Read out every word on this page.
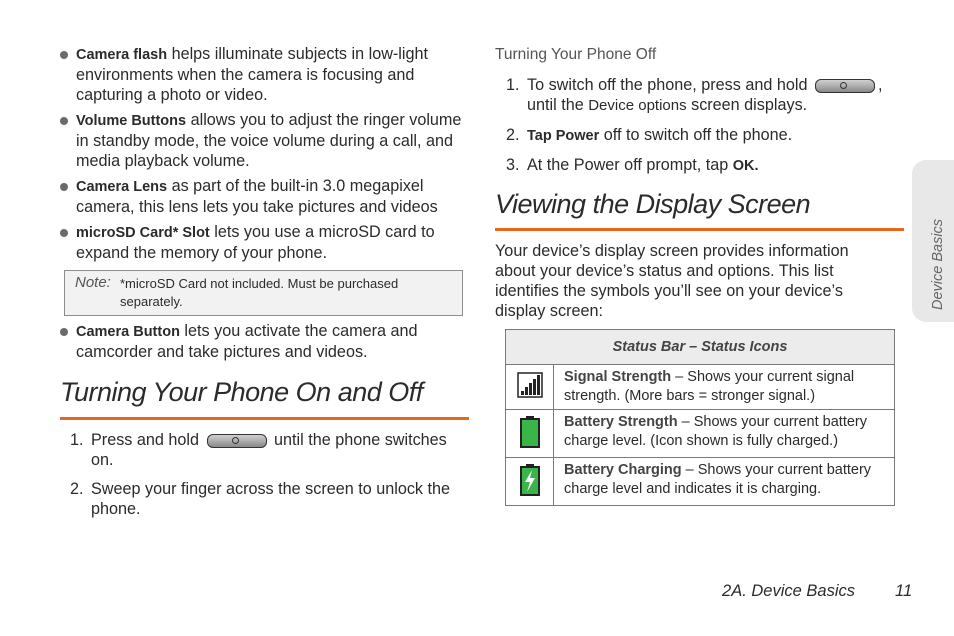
Camera flash helps illuminate subjects in low-light environments when the camera is focusing and capturing a photo or video.
Volume Buttons allows you to adjust the ringer volume in standby mode, the voice volume during a call, and media playback volume.
Camera Lens as part of the built-in 3.0 megapixel camera, this lens lets you take pictures and videos
microSD Card* Slot lets you use a microSD card to expand the memory of your phone.
Note: *microSD Card not included. Must be purchased separately.
Camera Button lets you activate the camera and camcorder and take pictures and videos.
Turning Your Phone On and Off
1. Press and hold	until the phone switches on.
2. Sweep your finger across the screen to unlock the phone.
Turning Your Phone Off
1. To switch off the phone, press and hold	, until the Device options screen displays.
2. Tap Power off to switch off the phone.
3. At the Power off prompt, tap OK.
Viewing the Display Screen
Your device’s display screen provides information about your device’s status and options. This list identifies the symbols you’ll see on your device’s display screen:
Status Bar – Status Icons	
	Signal Strength – Shows your current signal strength. (More bars = stronger signal.)
	Battery Strength – Shows your current battery charge level. (Icon shown is fully charged.)
	Battery Charging – Shows your current battery charge level and indicates it is charging.
Device Basics
2A. Device Basics 11
